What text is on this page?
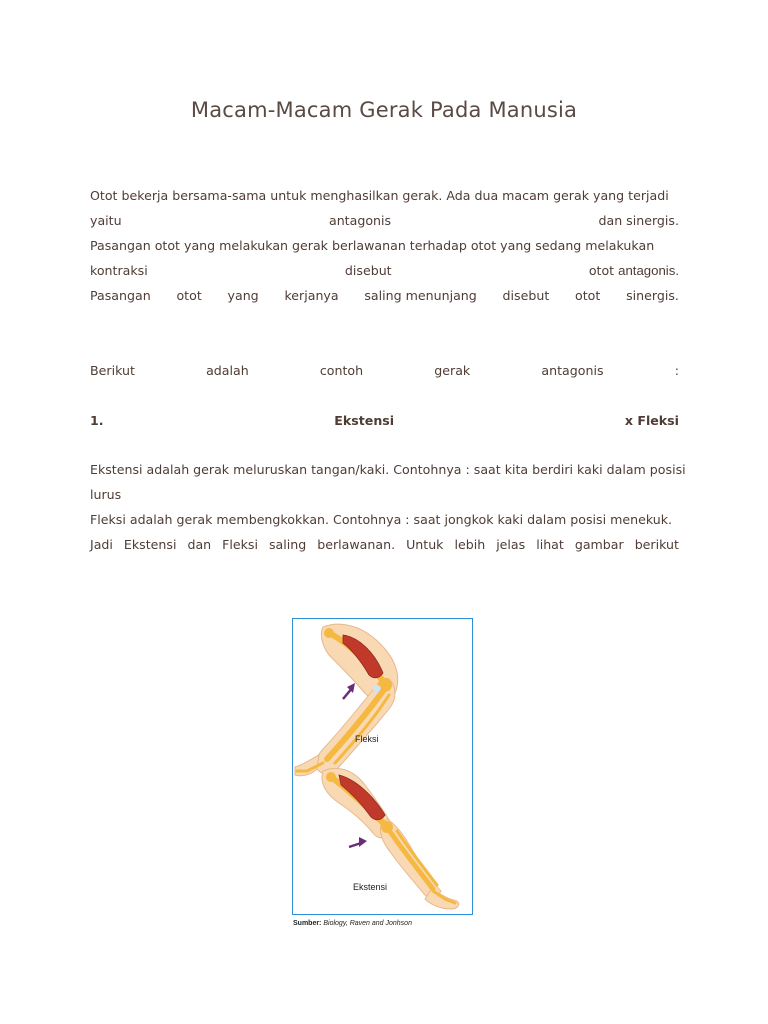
Macam-Macam Gerak Pada Manusia
Otot bekerja bersama-sama untuk menghasilkan gerak. Ada dua macam gerak yang terjadi
yaitu	antagonis	dan sinergis.
Pasangan otot yang melakukan gerak berlawanan terhadap otot yang sedang melakukan
kontraksi	disebut	otot antagonis.
Pasangan otot yang kerjanya saling menunjang disebut otot sinergis.
Berikut	adalah	contoh	gerak	antagonis	:
1.	Ekstensi	x Fleksi
Ekstensi adalah gerak meluruskan tangan/kaki. Contohnya : saat kita berdiri kaki dalam posisi
lurus
Fleksi adalah gerak membengkokkan. Contohnya : saat jongkok kaki dalam posisi menekuk.
Jadi Ekstensi dan Fleksi saling berlawanan. Untuk lebih jelas lihat gambar berikut
Fleksi
Ekstensi
Sumber: Biology, Raven and Jonhson
